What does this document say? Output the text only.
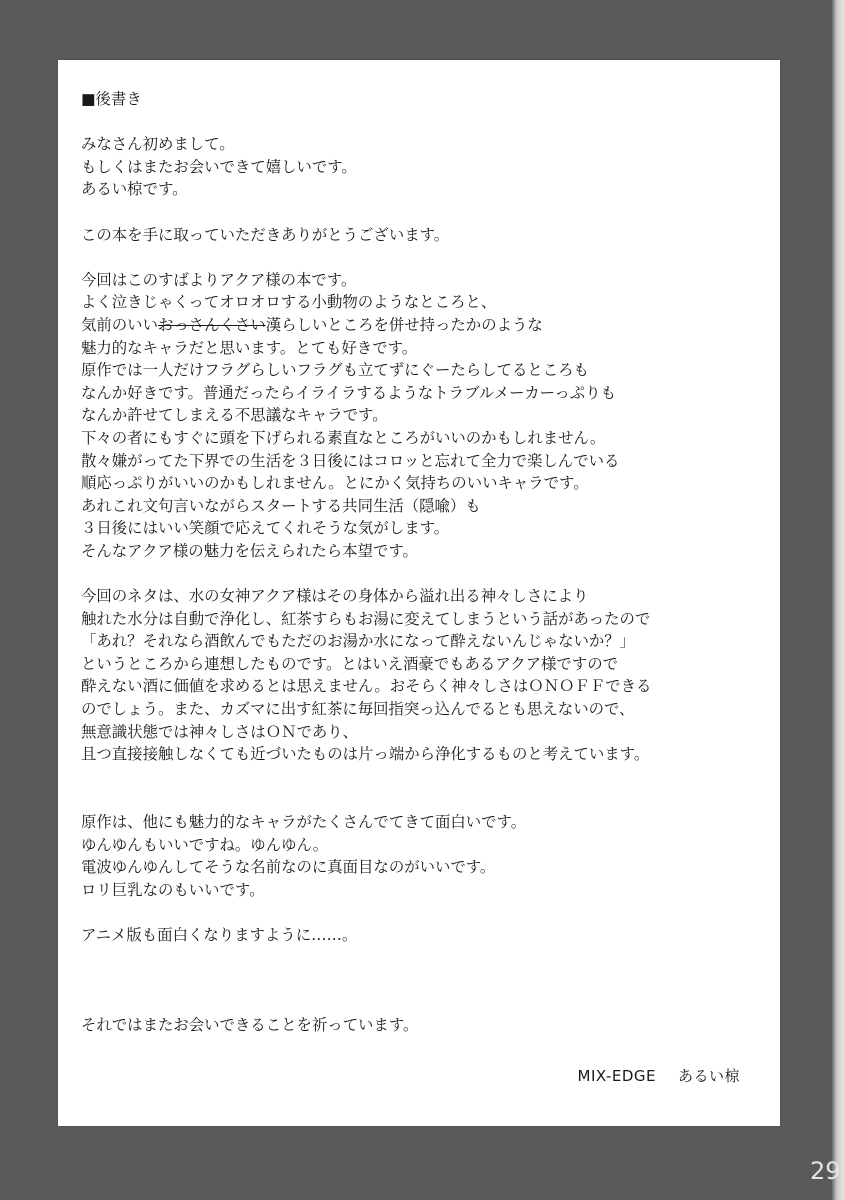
■後書き
みなさん初めまして。
もしくはまたお会いできて嬉しいです。
あるい椋です。
この本を手に取っていただきありがとうございます。
今回はこのすばよりアクア様の本です。
よく泣きじゃくってオロオロする小動物のようなところと、
気前のいいおっさんくさい漢らしいところを併せ持ったかのような
魅力的なキャラだと思います。とても好きです。
原作では一人だけフラグらしいフラグも立てずにぐーたらしてるところも
なんか好きです。普通だったらイライラするようなトラブルメーカーっぷりも
なんか許せてしまえる不思議なキャラです。
下々の者にもすぐに頭を下げられる素直なところがいいのかもしれません。
散々嫌がってた下界での生活を３日後にはコロッと忘れて全力で楽しんでいる
順応っぷりがいいのかもしれません。とにかく気持ちのいいキャラです。
あれこれ文句言いながらスタートする共同生活（隠喩）も
３日後にはいい笑顔で応えてくれそうな気がします。
そんなアクア様の魅力を伝えられたら本望です。
今回のネタは、水の女神アクア様はその身体から溢れ出る神々しさにより
触れた水分は自動で浄化し、紅茶すらもお湯に変えてしまうという話があったので
「あれ？それなら酒飲んでもただのお湯か水になって酔えないんじゃないか？」
というところから連想したものです。とはいえ酒豪でもあるアクア様ですので
酔えない酒に価値を求めるとは思えません。おそらく神々しさはＯＮＯＦＦできる
のでしょう。また、カズマに出す紅茶に毎回指突っ込んでるとも思えないので、
無意識状態では神々しさはＯＮであり、
且つ直接接触しなくても近づいたものは片っ端から浄化するものと考えています。
原作は、他にも魅力的なキャラがたくさんでてきて面白いです。
ゆんゆんもいいですね。ゆんゆん。
電波ゆんゆんしてそうな名前なのに真面目なのがいいです。
ロリ巨乳なのもいいです。
アニメ版も面白くなりますように……。
それではまたお会いできることを祈っています。
MIX-EDGE あるい椋
29
